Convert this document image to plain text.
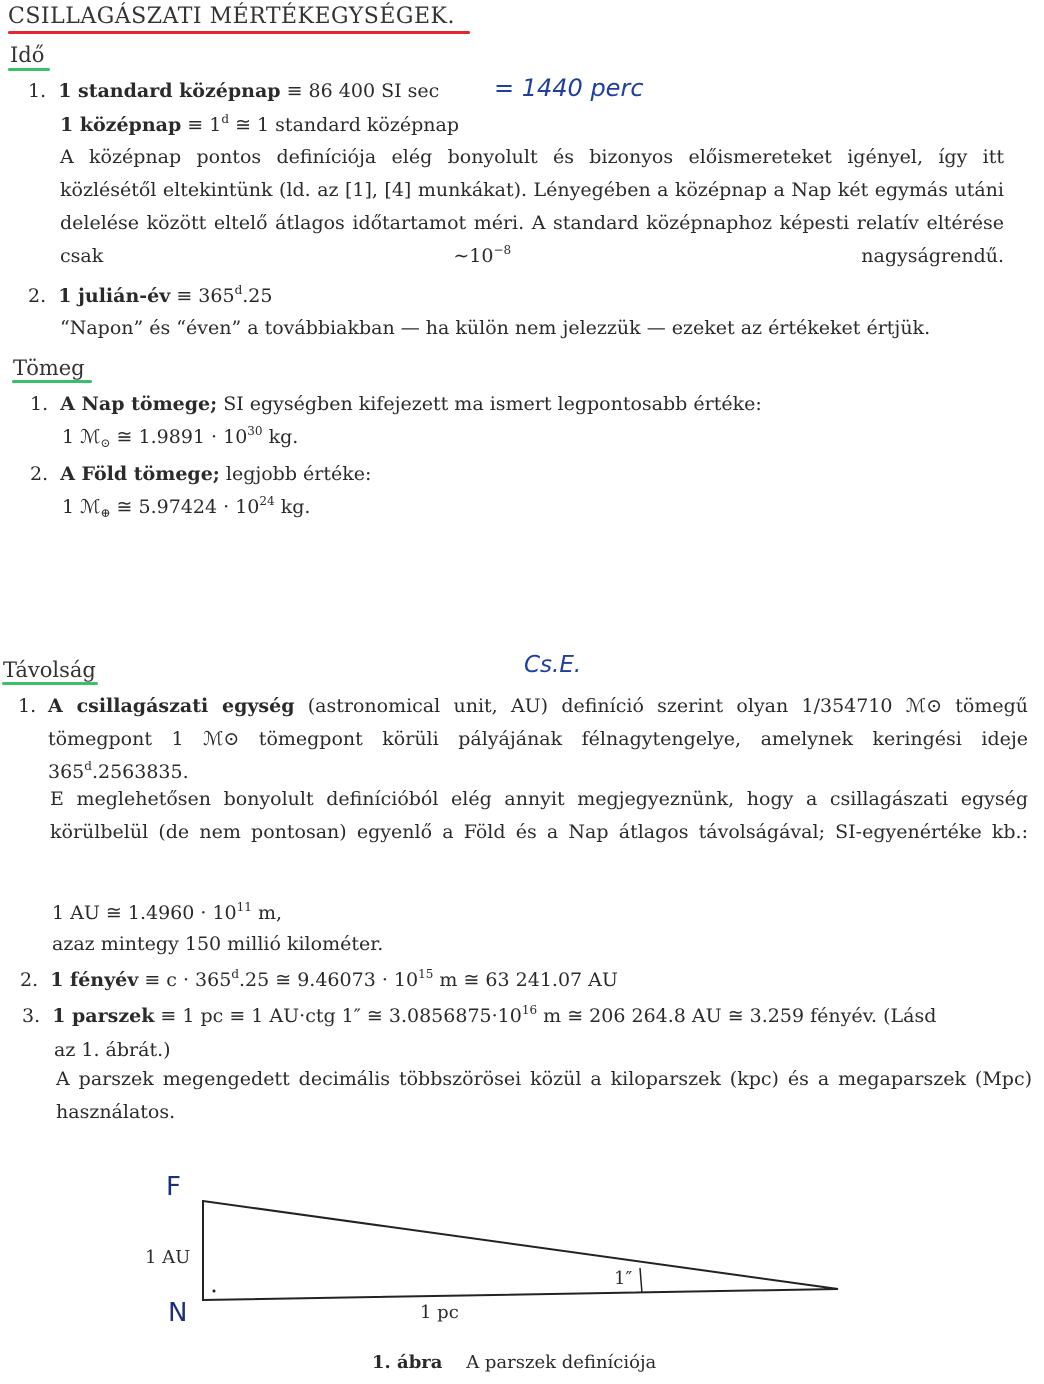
CSILLAGÁSZATI MÉRTÉKEGYSÉGEK.
Idő
1. 1 standard középnap ≡ 86 400 SI sec = 1440 perc
1 középnap ≡ $1^d$ ≅ 1 standard középnap
A középnap pontos definíciója elég bonyolult és bizonyos előismereteket igényel, így itt közlésétől eltekintünk (ld. az [1], [4] munkákat). Lényegében a középnap a Nap két egymás utáni delelése között eltelő átlagos időtartamot méri. A standard középnaphoz képesti relatív eltérése csak $\sim 10^{-8}$ nagyságrendű.
2. 1 julián-év ≡ $365^d.25$
“Napon” és “éven” a továbbiakban — ha külön nem jelezzük — ezeket az értékeket értjük.
Tömeg
1. A Nap tömege; SI egységben kifejezett ma ismert legpontosabb értéke:
1 ℳ$_⊙$ ≅ $1.9891 \cdot 10^{30}$ kg.
2. A Föld tömege; legjobb értéke:
1 ℳ$_\oplus$ ≅ $5.97424 \cdot 10^{24}$ kg.
Távolság	Cs.E.
1. A csillagászati egység (astronomical unit, AU) definíció szerint olyan 1/354710 ℳ⊙ tömegű tömegpont 1 ℳ⊙ tömegpont körüli pályájának félnagytengelye, amelynek keringési ideje 365$^d$.2563835.
E meglehetősen bonyolult definícióból elég annyit megjegyeznünk, hogy a csillagászati egység körülbelül (de nem pontosan) egyenlő a Föld és a Nap átlagos távolságával; SI-egyenértéke kb.:
1 AU ≅ $1.4960 \cdot 10^{11}$ m,
azaz mintegy 150 millió kilométer.
2. 1 fényév ≡ $c \cdot 365^d.25$ ≅ $9.46073 \cdot 10^{15}$ m ≅ 63 241.07 AU
3. 1 parszek ≡ 1 pc ≡ 1 AU·ctg 1″ ≅ $3.0856875\cdot 10^{16}$ m ≅ 206 264.8 AU ≅ 3.259 fényév. (Lásd
az 1. ábrát.)
A parszek megengedett decimális többszörösei közül a kiloparszek (kpc) és a megaparszek (Mpc) használatos.
F
N
1 AU
1 pc
1″
1. ábra A parszek definíciója
